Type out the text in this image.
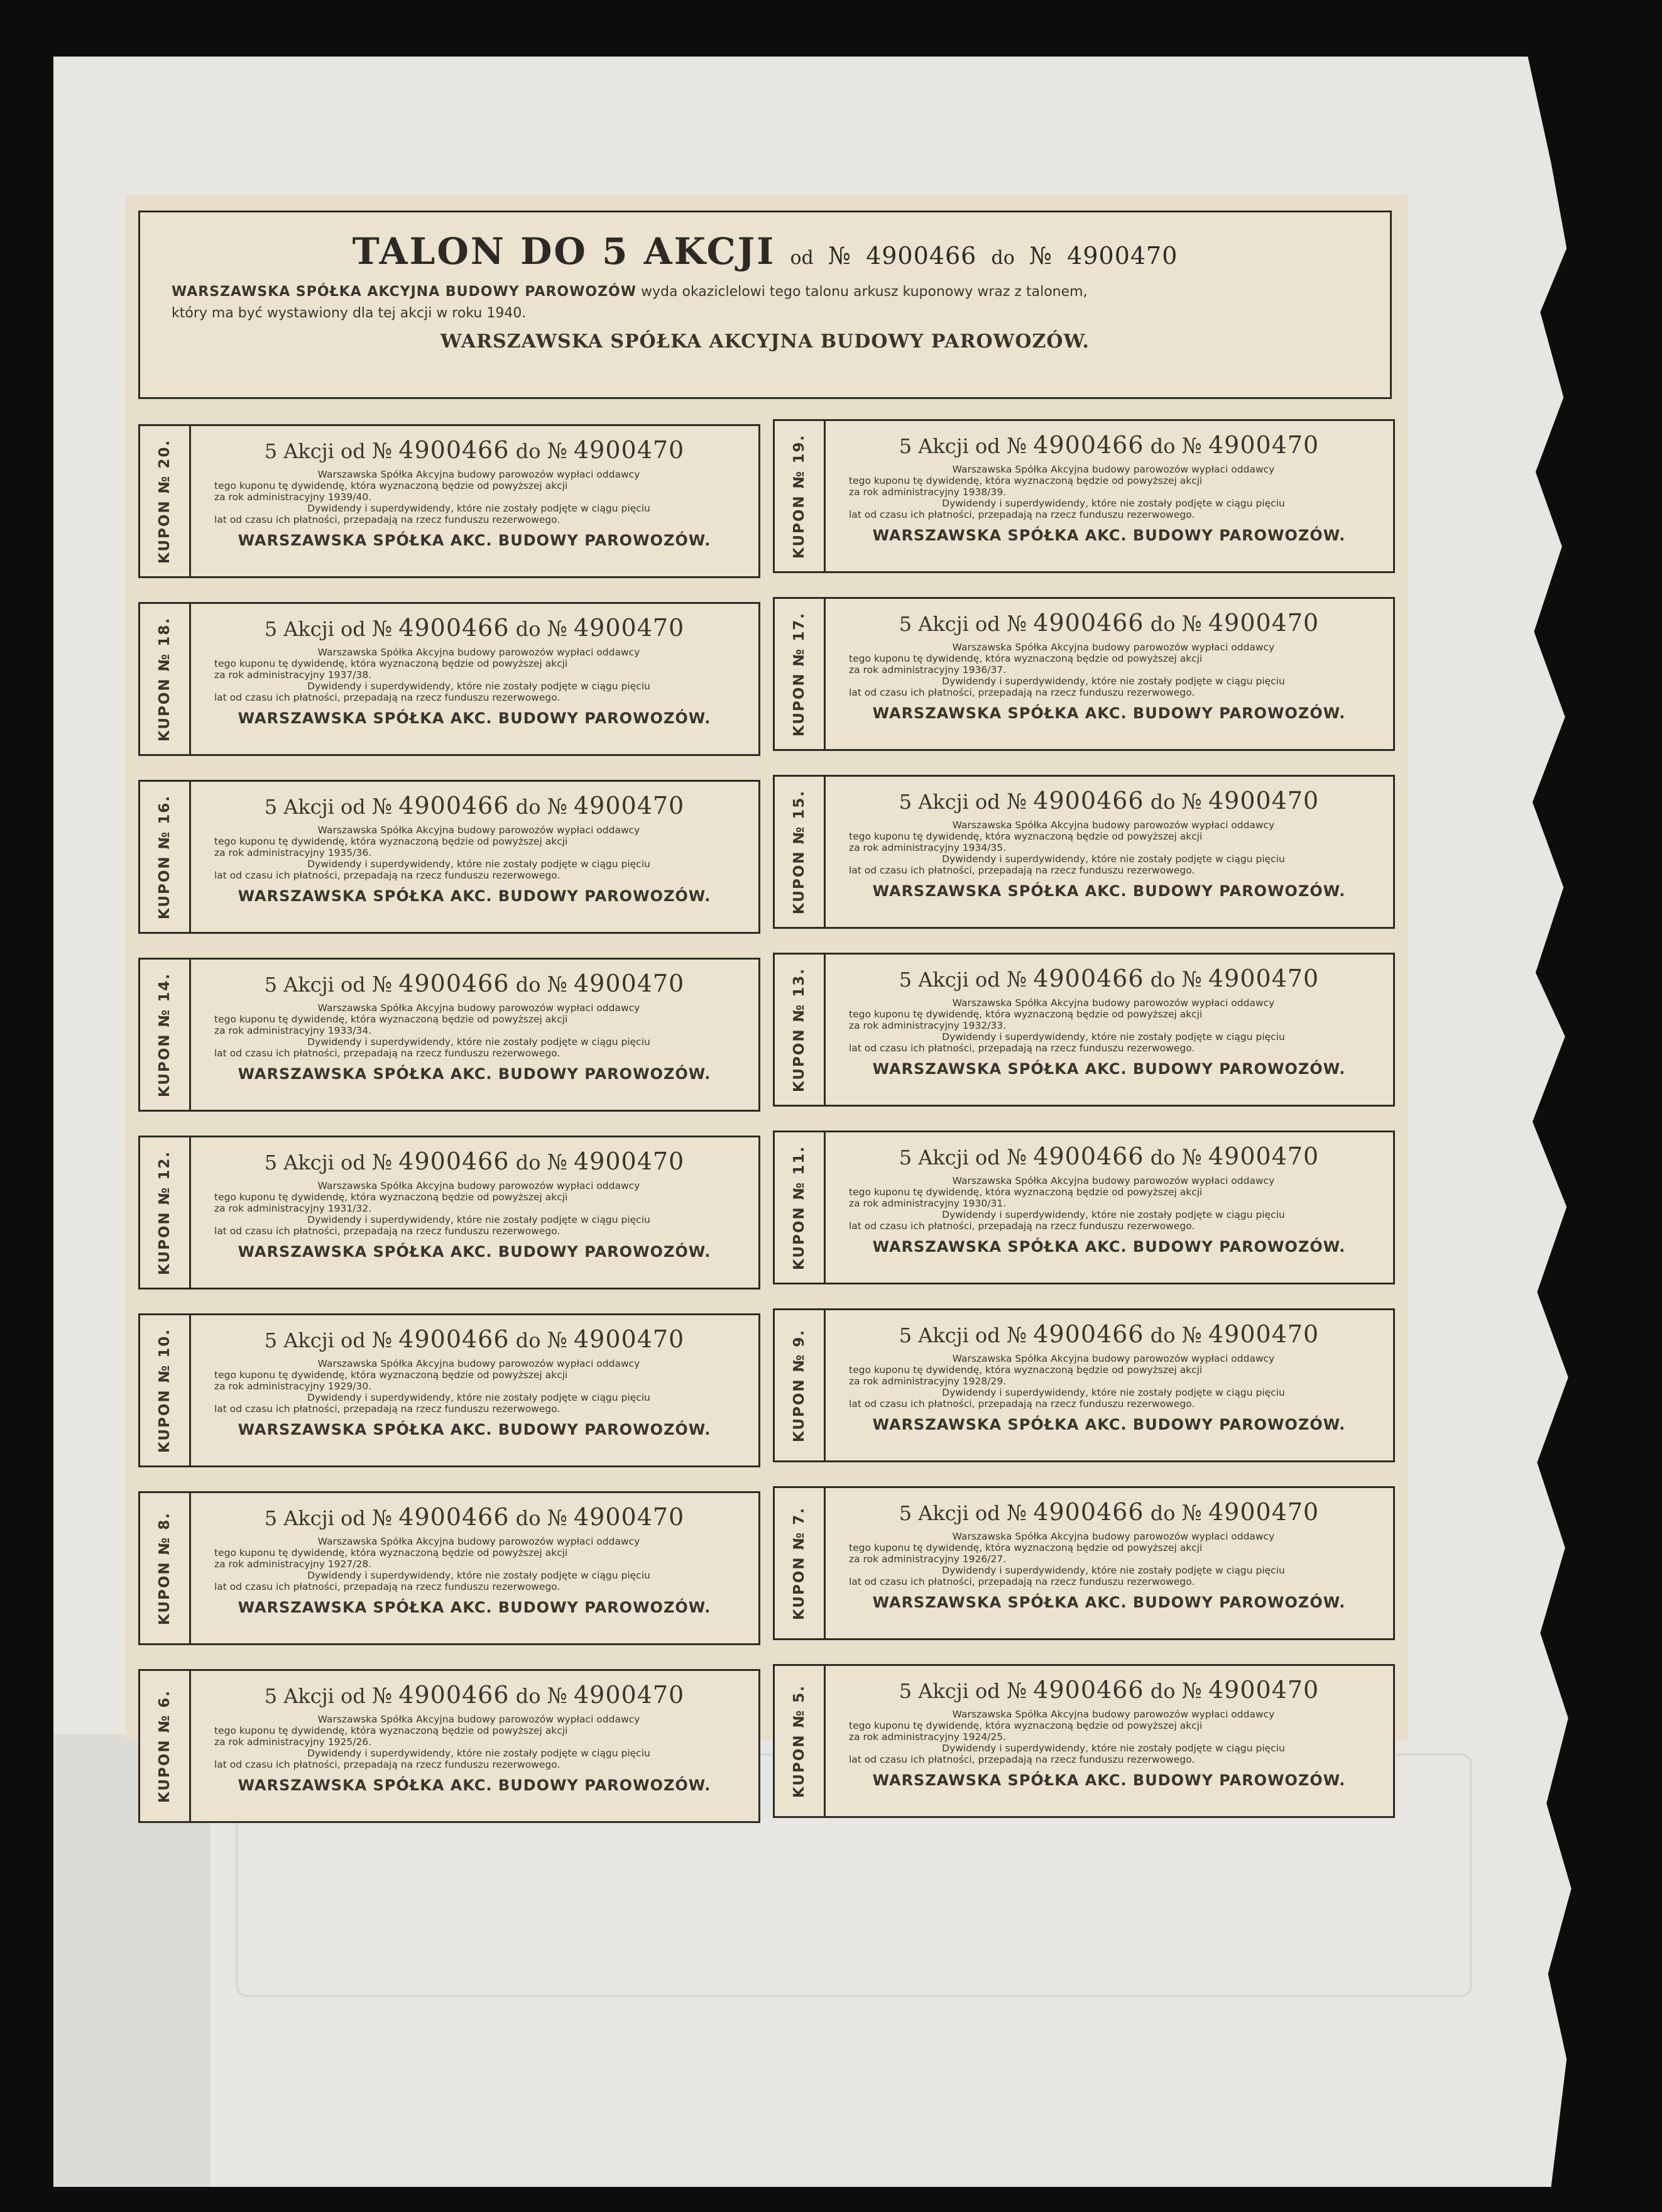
TALON DO 5 AKCJI od № 4900466 do № 4900470
WARSZAWSKA SPÓŁKA AKCYJNA BUDOWY PAROWOZÓW wyda okaziclelowi tego talonu arkusz kuponowy wraz z talonem,
który ma być wystawiony dla tej akcji w roku 1940.
WARSZAWSKA SPÓŁKA AKCYJNA BUDOWY PAROWOZÓW.
KUPON № 20.	5 Akcji od № 4900466 do № 4900470
Warszawska Spółka Akcyjna budowy parowozów wypłaci oddawcy
tego kuponu tę dywidendę, która wyznaczoną będzie od powyższej akcji
za rok administracyjny 1939/40.
Dywidendy i superdywidendy, które nie zostały podjęte w ciągu pięciu
lat od czasu ich płatności, przepadają na rzecz funduszu rezerwowego.
WARSZAWSKA SPÓŁKA AKC. BUDOWY PAROWOZÓW.	KUPON № 19.	5 Akcji od № 4900466 do № 4900470
Warszawska Spółka Akcyjna budowy parowozów wypłaci oddawcy
tego kuponu tę dywidendę, która wyznaczoną będzie od powyższej akcji
za rok administracyjny 1938/39.
Dywidendy i superdywidendy, które nie zostały podjęte w ciągu pięciu
lat od czasu ich płatności, przepadają na rzecz funduszu rezerwowego.
WARSZAWSKA SPÓŁKA AKC. BUDOWY PAROWOZÓW.
KUPON № 18.	5 Akcji od № 4900466 do № 4900470
Warszawska Spółka Akcyjna budowy parowozów wypłaci oddawcy
tego kuponu tę dywidendę, która wyznaczoną będzie od powyższej akcji
za rok administracyjny 1937/38.
Dywidendy i superdywidendy, które nie zostały podjęte w ciągu pięciu
lat od czasu ich płatności, przepadają na rzecz funduszu rezerwowego.
WARSZAWSKA SPÓŁKA AKC. BUDOWY PAROWOZÓW.	KUPON № 17.	5 Akcji od № 4900466 do № 4900470
Warszawska Spółka Akcyjna budowy parowozów wypłaci oddawcy
tego kuponu tę dywidendę, która wyznaczoną będzie od powyższej akcji
za rok administracyjny 1936/37.
Dywidendy i superdywidendy, które nie zostały podjęte w ciągu pięciu
lat od czasu ich płatności, przepadają na rzecz funduszu rezerwowego.
WARSZAWSKA SPÓŁKA AKC. BUDOWY PAROWOZÓW.
KUPON № 16.	5 Akcji od № 4900466 do № 4900470
Warszawska Spółka Akcyjna budowy parowozów wypłaci oddawcy
tego kuponu tę dywidendę, która wyznaczoną będzie od powyższej akcji
za rok administracyjny 1935/36.
Dywidendy i superdywidendy, które nie zostały podjęte w ciągu pięciu
lat od czasu ich płatności, przepadają na rzecz funduszu rezerwowego.
WARSZAWSKA SPÓŁKA AKC. BUDOWY PAROWOZÓW.	KUPON № 15.	5 Akcji od № 4900466 do № 4900470
Warszawska Spółka Akcyjna budowy parowozów wypłaci oddawcy
tego kuponu tę dywidendę, która wyznaczoną będzie od powyższej akcji
za rok administracyjny 1934/35.
Dywidendy i superdywidendy, które nie zostały podjęte w ciągu pięciu
lat od czasu ich płatności, przepadają na rzecz funduszu rezerwowego.
WARSZAWSKA SPÓŁKA AKC. BUDOWY PAROWOZÓW.
KUPON № 14.	5 Akcji od № 4900466 do № 4900470
Warszawska Spółka Akcyjna budowy parowozów wypłaci oddawcy
tego kuponu tę dywidendę, która wyznaczoną będzie od powyższej akcji
za rok administracyjny 1933/34.
Dywidendy i superdywidendy, które nie zostały podjęte w ciągu pięciu
lat od czasu ich płatności, przepadają na rzecz funduszu rezerwowego.
WARSZAWSKA SPÓŁKA AKC. BUDOWY PAROWOZÓW.	KUPON № 13.	5 Akcji od № 4900466 do № 4900470
Warszawska Spółka Akcyjna budowy parowozów wypłaci oddawcy
tego kuponu tę dywidendę, która wyznaczoną będzie od powyższej akcji
za rok administracyjny 1932/33.
Dywidendy i superdywidendy, które nie zostały podjęte w ciągu pięciu
lat od czasu ich płatności, przepadają na rzecz funduszu rezerwowego.
WARSZAWSKA SPÓŁKA AKC. BUDOWY PAROWOZÓW.
KUPON № 12.	5 Akcji od № 4900466 do № 4900470
Warszawska Spółka Akcyjna budowy parowozów wypłaci oddawcy
tego kuponu tę dywidendę, która wyznaczoną będzie od powyższej akcji
za rok administracyjny 1931/32.
Dywidendy i superdywidendy, które nie zostały podjęte w ciągu pięciu
lat od czasu ich płatności, przepadają na rzecz funduszu rezerwowego.
WARSZAWSKA SPÓŁKA AKC. BUDOWY PAROWOZÓW.	KUPON № 11.	5 Akcji od № 4900466 do № 4900470
Warszawska Spółka Akcyjna budowy parowozów wypłaci oddawcy
tego kuponu tę dywidendę, która wyznaczoną będzie od powyższej akcji
za rok administracyjny 1930/31.
Dywidendy i superdywidendy, które nie zostały podjęte w ciągu pięciu
lat od czasu ich płatności, przepadają na rzecz funduszu rezerwowego.
WARSZAWSKA SPÓŁKA AKC. BUDOWY PAROWOZÓW.
KUPON № 10.	5 Akcji od № 4900466 do № 4900470
Warszawska Spółka Akcyjna budowy parowozów wypłaci oddawcy
tego kuponu tę dywidendę, która wyznaczoną będzie od powyższej akcji
za rok administracyjny 1929/30.
Dywidendy i superdywidendy, które nie zostały podjęte w ciągu pięciu
lat od czasu ich płatności, przepadają na rzecz funduszu rezerwowego.
WARSZAWSKA SPÓŁKA AKC. BUDOWY PAROWOZÓW.	KUPON № 9.	5 Akcji od № 4900466 do № 4900470
Warszawska Spółka Akcyjna budowy parowozów wypłaci oddawcy
tego kuponu tę dywidendę, która wyznaczoną będzie od powyższej akcji
za rok administracyjny 1928/29.
Dywidendy i superdywidendy, które nie zostały podjęte w ciągu pięciu
lat od czasu ich płatności, przepadają na rzecz funduszu rezerwowego.
WARSZAWSKA SPÓŁKA AKC. BUDOWY PAROWOZÓW.
KUPON № 8.	5 Akcji od № 4900466 do № 4900470
Warszawska Spółka Akcyjna budowy parowozów wypłaci oddawcy
tego kuponu tę dywidendę, która wyznaczoną będzie od powyższej akcji
za rok administracyjny 1927/28.
Dywidendy i superdywidendy, które nie zostały podjęte w ciągu pięciu
lat od czasu ich płatności, przepadają na rzecz funduszu rezerwowego.
WARSZAWSKA SPÓŁKA AKC. BUDOWY PAROWOZÓW.	KUPON № 7.	5 Akcji od № 4900466 do № 4900470
Warszawska Spółka Akcyjna budowy parowozów wypłaci oddawcy
tego kuponu tę dywidendę, która wyznaczoną będzie od powyższej akcji
za rok administracyjny 1926/27.
Dywidendy i superdywidendy, które nie zostały podjęte w ciągu pięciu
lat od czasu ich płatności, przepadają na rzecz funduszu rezerwowego.
WARSZAWSKA SPÓŁKA AKC. BUDOWY PAROWOZÓW.
KUPON № 6.	5 Akcji od № 4900466 do № 4900470
Warszawska Spółka Akcyjna budowy parowozów wypłaci oddawcy
tego kuponu tę dywidendę, która wyznaczoną będzie od powyższej akcji
za rok administracyjny 1925/26.
Dywidendy i superdywidendy, które nie zostały podjęte w ciągu pięciu
lat od czasu ich płatności, przepadają na rzecz funduszu rezerwowego.
WARSZAWSKA SPÓŁKA AKC. BUDOWY PAROWOZÓW.	KUPON № 5.	5 Akcji od № 4900466 do № 4900470
Warszawska Spółka Akcyjna budowy parowozów wypłaci oddawcy
tego kuponu tę dywidendę, która wyznaczoną będzie od powyższej akcji
za rok administracyjny 1924/25.
Dywidendy i superdywidendy, które nie zostały podjęte w ciągu pięciu
lat od czasu ich płatności, przepadają na rzecz funduszu rezerwowego.
WARSZAWSKA SPÓŁKA AKC. BUDOWY PAROWOZÓW.
